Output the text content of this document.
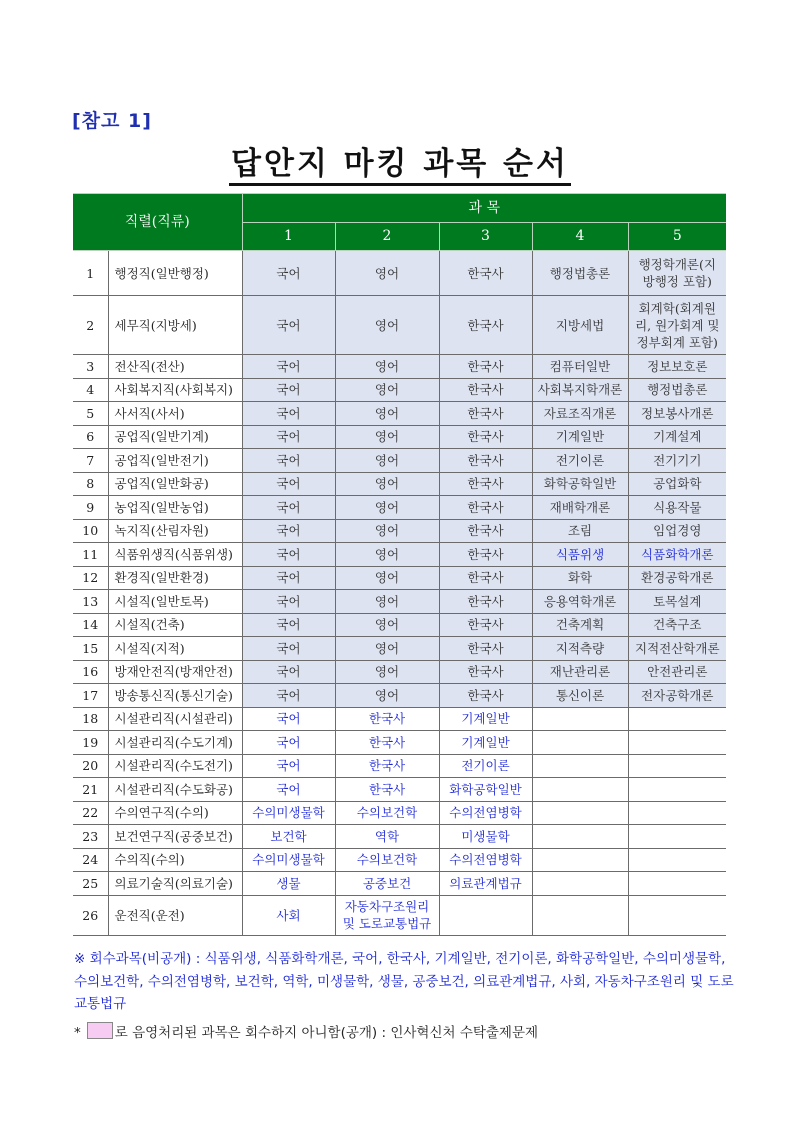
[참고 1]
답안지 마킹 과목 순서
직렬(직류)		과 목				
		1	2	3	4	5
1	행정직(일반행정)	국어	영어	한국사	행정법총론	행정학개론(지
방행정 포함)
2	세무직(지방세)	국어	영어	한국사	지방세법	회계학(회계원
리, 원가회계 및
정부회계 포함)
3	전산직(전산)	국어	영어	한국사	컴퓨터일반	정보보호론
4	사회복지직(사회복지)	국어	영어	한국사	사회복지학개론	행정법총론
5	사서직(사서)	국어	영어	한국사	자료조직개론	정보봉사개론
6	공업직(일반기계)	국어	영어	한국사	기계일반	기계설계
7	공업직(일반전기)	국어	영어	한국사	전기이론	전기기기
8	공업직(일반화공)	국어	영어	한국사	화학공학일반	공업화학
9	농업직(일반농업)	국어	영어	한국사	재배학개론	식용작물
10	녹지직(산림자원)	국어	영어	한국사	조림	임업경영
11	식품위생직(식품위생)	국어	영어	한국사	식품위생	식품화학개론
12	환경직(일반환경)	국어	영어	한국사	화학	환경공학개론
13	시설직(일반토목)	국어	영어	한국사	응용역학개론	토목설계
14	시설직(건축)	국어	영어	한국사	건축계획	건축구조
15	시설직(지적)	국어	영어	한국사	지적측량	지적전산학개론
16	방재안전직(방재안전)	국어	영어	한국사	재난관리론	안전관리론
17	방송통신직(통신기술)	국어	영어	한국사	통신이론	전자공학개론
18	시설관리직(시설관리)	국어	한국사	기계일반		
19	시설관리직(수도기계)	국어	한국사	기계일반		
20	시설관리직(수도전기)	국어	한국사	전기이론		
21	시설관리직(수도화공)	국어	한국사	화학공학일반		
22	수의연구직(수의)	수의미생물학	수의보건학	수의전염병학		
23	보건연구직(공중보건)	보건학	역학	미생물학		
24	수의직(수의)	수의미생물학	수의보건학	수의전염병학		
25	의료기술직(의료기술)	생물	공중보건	의료관계법규		
26	운전직(운전)	사회	자동차구조원리
및 도로교통법규			
※ 회수과목(비공개) : 식품위생, 식품화학개론, 국어, 한국사, 기계일반, 전기이론, 화학공학일반, 수의미생물학, 수의보건학, 수의전염병학, 보건학, 역학, 미생물학, 생물, 공중보건, 의료관계법규, 사회, 자동차구조원리 및 도로교통법규
*	로 음영처리된 과목은 회수하지 아니함(공개) : 인사혁신처 수탁출제문제
